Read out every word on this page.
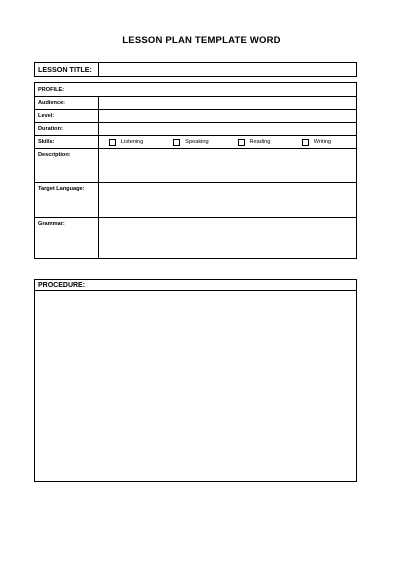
LESSON PLAN TEMPLATE WORD
LESSON TITLE:	
PROFILE:	
Audience:	
Level:	
Duration:	
Skills:	Listening Speaking Reading Writing

Description:	
Target Language:	
Grammar:	
PROCEDURE:
